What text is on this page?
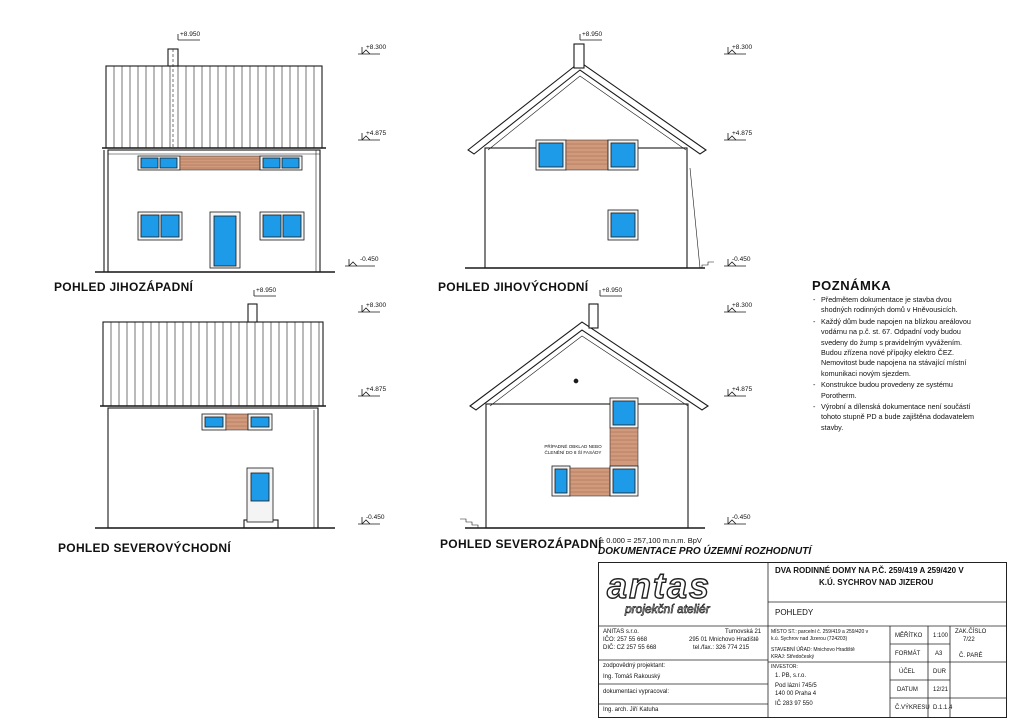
+8.950

+8.300

+4.875

-0.450

+8.950

+8.300

+4.875

-0.450

+8.950

+8.300

+4.875

-0.450

+8.950

+8.300

+4.875

-0.450

POHLED JIHOZÁPADNÍ	POHLED JIHOVÝCHODNÍ

POHLED SEVEROVÝCHODNÍ	POHLED SEVEROZÁPADNÍ

PŘÍPADNÉ OBKLAD NEBO ČLENĚNÍ DO 8 ŠÍ FASÁDY

± 0.000 = 257,100 m.n.m. BpV

DOKUMENTACE PRO ÚZEMNÍ ROZHODNUTÍ

POZNÁMKA

- Předmětem dokumentace je stavba dvou shodných rodinných domů v Hněvousicích.
- Každý dům bude napojen na blízkou areálovou vodárnu na p.č. st. 67. Odpadní vody budou svedeny do žump s pravidelným vyvážením. Budou zřízena nové přípojky elektro ČEZ. Nemovitost bude napojena na stávající místní komunikaci novým sjezdem.
- Konstrukce budou provedeny ze systému Porotherm.
- Výrobní a dílenská dokumentace není součástí tohoto stupně PD a bude zajištěna dodavatelem stavby.

antas

projekční ateliér

DVA RODINNÉ DOMY NA P.Č. 259/419 A 259/420 V

K.Ú. SYCHROV NAD JIZEROU

POHLEDY

ANITAS s.r.o.

IČO: 257 55 668

DIČ: CZ 257 55 668

Turnovská 21

295 01 Mnichovo Hradiště

tel./fax.: 326 774 215

zodpovědný projektant:

Ing. Tomáš Rakouský

dokumentaci vypracoval:

Ing. arch. Jiří Katuha

MÍSTO ST.: parcelní č. 259/419 a 259/420 v

k.ú. Sychrov nad Jizerou (724203)

STAVEBNÍ ÚŘAD: Mnichovo Hradiště

KRAJ: Středočeský

INVESTOR:

1. PB, s.r.o.

Pod lázní 745/5

140 00 Praha 4

IČ 283 97 550

MĚŘÍTKO 1:100

FORMÁT A3

ÚČEL	DUR

DATUM	12/21

Č.VÝKRESU D.1.1.4

ZAK.ČÍSLO

7/22

Č. PARÉ
